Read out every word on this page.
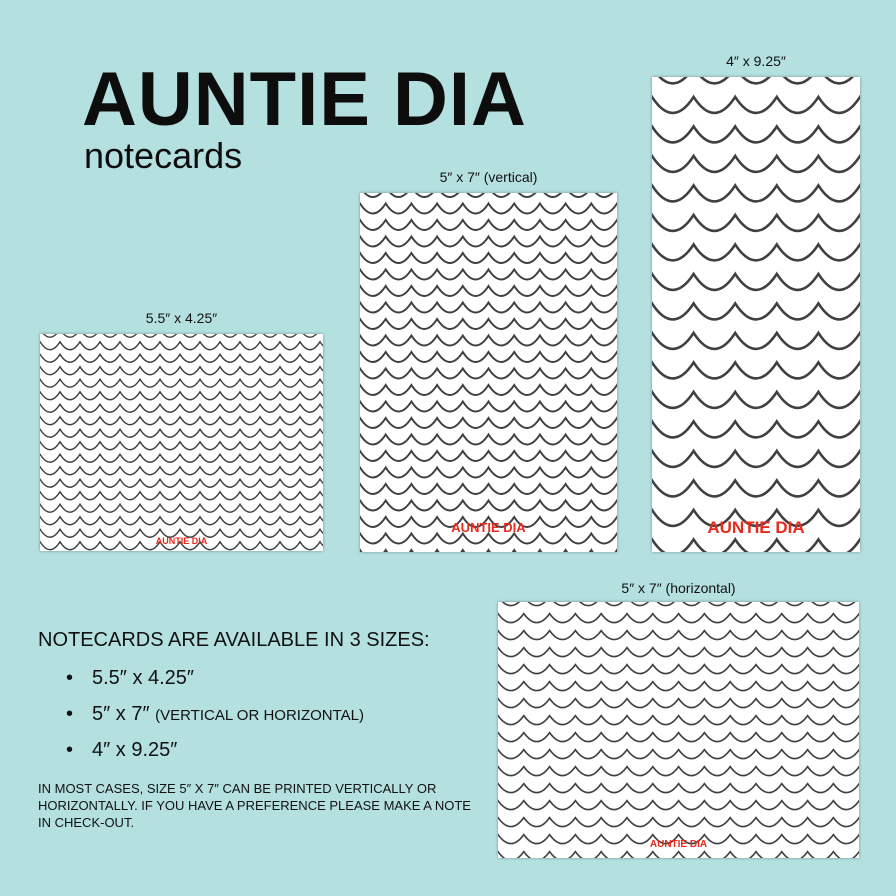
AUNTIE DIA
notecards
5.5″ x 4.25″
AUNTIE DIA
5″ x 7″ (vertical)
AUNTIE DIA
4″ x 9.25″
AUNTIE DIA
5″ x 7″ (horizontal)
AUNTIE DIA
NOTECARDS ARE AVAILABLE IN 3 SIZES:
• 5.5″ x 4.25″
• 5″ x 7″ (VERTICAL OR HORIZONTAL)
• 4″ x 9.25″
IN MOST CASES, SIZE 5″ X 7″ CAN BE PRINTED VERTICALLY OR HORIZONTALLY. IF YOU HAVE A PREFERENCE PLEASE MAKE A NOTE IN CHECK-OUT.
